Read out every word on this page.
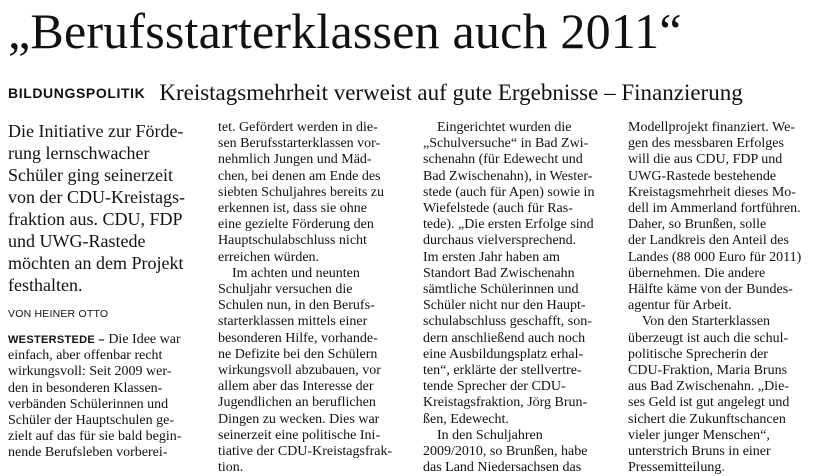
„Berufsstarterklassen auch 2011“
BILDUNGSPOLITIK Kreistagsmehrheit verweist auf gute Ergebnisse – Finanzierung

Die Initiative zur Förde-

rung lernschwacher

Schüler ging seinerzeit

von der CDU-Kreistags-

fraktion aus. CDU, FDP

und UWG-Rastede

möchten an dem Projekt

festhalten.

VON HEINER OTTO
WESTERSTEDE – Die Idee war
einfach, aber offenbar recht
wirkungsvoll: Seit 2009 wer-
den in besonderen Klassen-
verbänden Schülerinnen und
Schüler der Hauptschulen ge-
zielt auf das für sie bald begin-
nende Berufsleben vorberei-
tet. Gefördert werden in die-
sen Berufsstarterklassen vor-
nehmlich Jungen und Mäd-
chen, bei denen am Ende des
siebten Schuljahres bereits zu
erkennen ist, dass sie ohne
eine gezielte Förderung den
Hauptschulabschluss nicht
erreichen würden.
Im achten und neunten
Schuljahr versuchen die
Schulen nun, in den Berufs-
starterklassen mittels einer
besonderen Hilfe, vorhande-
ne Defizite bei den Schülern
wirkungsvoll abzubauen, vor
allem aber das Interesse der
Jugendlichen an beruflichen
Dingen zu wecken. Dies war
seinerzeit eine politische Ini-
tiative der CDU-Kreistagsfrak-
tion.
Eingerichtet wurden die
„Schulversuche“ in Bad Zwi-
schenahn (für Edewecht und
Bad Zwischenahn), in Wester-
stede (auch für Apen) sowie in
Wiefelstede (auch für Ras-
tede). „Die ersten Erfolge sind
durchaus vielversprechend.
Im ersten Jahr haben am
Standort Bad Zwischenahn
sämtliche Schülerinnen und
Schüler nicht nur den Haupt-
schulabschluss geschafft, son-
dern anschließend auch noch
eine Ausbildungsplatz erhal-
ten“, erklärte der stellvertre-
tende Sprecher der CDU-
Kreistagsfraktion, Jörg Brun-
ßen, Edewecht.
In den Schuljahren
2009/2010, so Brunßen, habe
das Land Niedersachsen das
Modellprojekt finanziert. We-
gen des messbaren Erfolges
will die aus CDU, FDP und
UWG-Rastede bestehende
Kreistagsmehrheit dieses Mo-
dell im Ammerland fortführen.
Daher, so Brunßen, solle
der Landkreis den Anteil des
Landes (88 000 Euro für 2011)
übernehmen. Die andere
Hälfte käme von der Bundes-
agentur für Arbeit.
Von den Starterklassen
überzeugt ist auch die schul-
politische Sprecherin der
CDU-Fraktion, Maria Bruns
aus Bad Zwischenahn. „Die-
ses Geld ist gut angelegt und
sichert die Zukunftschancen
vieler junger Menschen“,
unterstrich Bruns in einer
Pressemitteilung.
